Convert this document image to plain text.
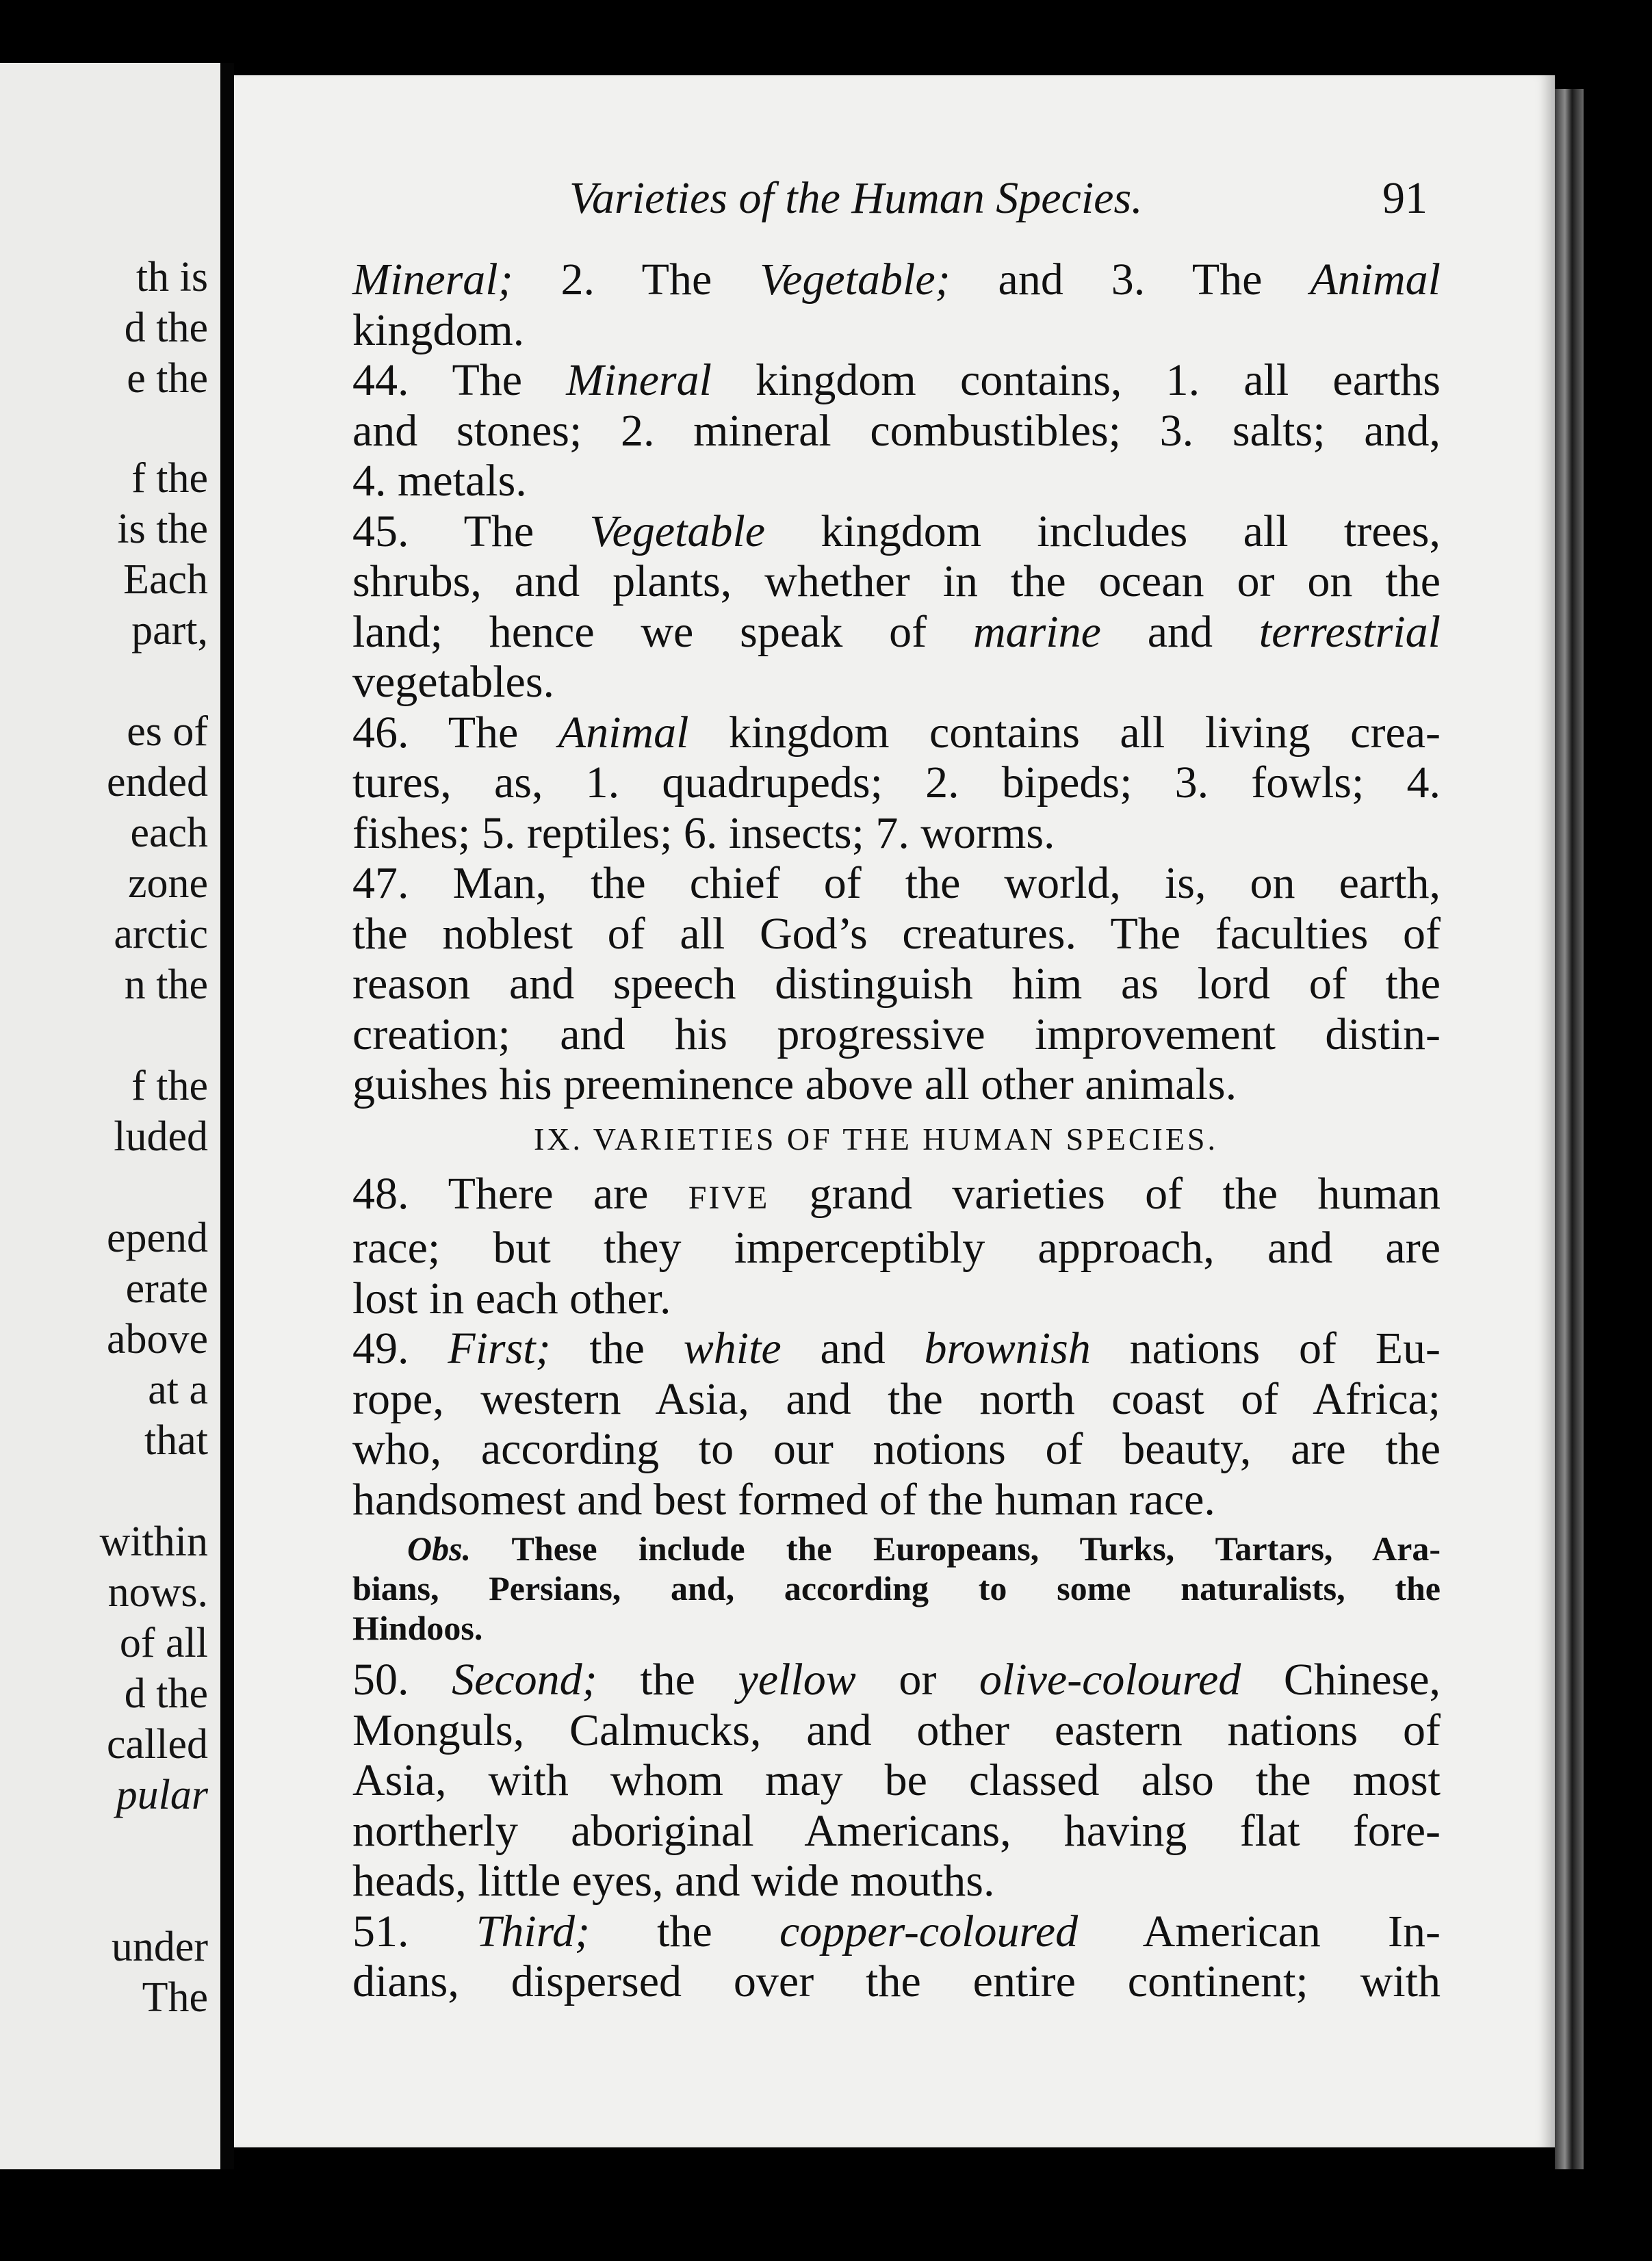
th is
d the
e the
f the
is the
Each
part,
es of
ended
each
zone
arctic
n the
f the
luded
epend
erate
above
at a
that
within
nows.
of all
d the
called
pular
under
The
Varieties of the Human Species.	91
Mineral; 2. The Vegetable; and 3. The Animal
kingdom.
44. The Mineral kingdom contains, 1. all earths
and stones; 2. mineral combustibles; 3. salts; and,
4. metals.
45. The Vegetable kingdom includes all trees,
shrubs, and plants, whether in the ocean or on the
land; hence we speak of marine and terrestrial
vegetables.
46. The Animal kingdom contains all living crea-
tures, as, 1. quadrupeds; 2. bipeds; 3. fowls; 4.
fishes; 5. reptiles; 6. insects; 7. worms.
47. Man, the chief of the world, is, on earth,
the noblest of all God’s creatures. The faculties of
reason and speech distinguish him as lord of the
creation; and his progressive improvement distin-
guishes his preeminence above all other animals.
IX. VARIETIES OF THE HUMAN SPECIES.
48. There are FIVE grand varieties of the human
race; but they imperceptibly approach, and are
lost in each other.
49. First; the white and brownish nations of Eu-
rope, western Asia, and the north coast of Africa;
who, according to our notions of beauty, are the
handsomest and best formed of the human race.
Obs. These include the Europeans, Turks, Tartars, Ara-
bians, Persians, and, according to some naturalists, the
Hindoos.
50. Second; the yellow or olive-coloured Chinese,
Monguls, Calmucks, and other eastern nations of
Asia, with whom may be classed also the most
northerly aboriginal Americans, having flat fore-
heads, little eyes, and wide mouths.
51. Third; the copper-coloured American In-
dians, dispersed over the entire continent; with
